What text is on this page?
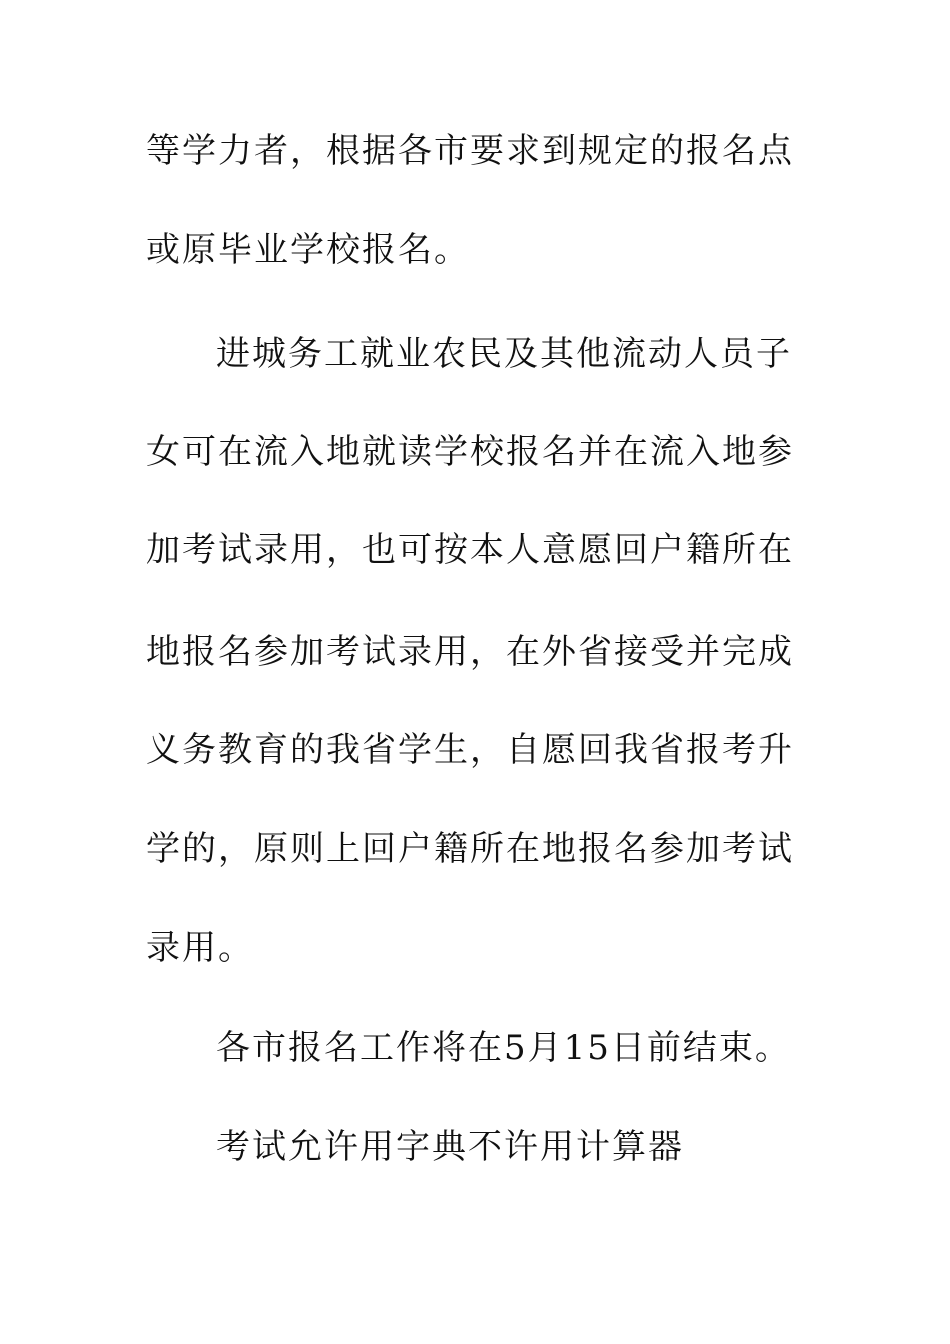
等学力者，根据各市要求到规定的报名点
或原毕业学校报名。
进城务工就业农民及其他流动人员子
女可在流入地就读学校报名并在流入地参
加考试录用，也可按本人意愿回户籍所在
地报名参加考试录用，在外省接受并完成
义务教育的我省学生，自愿回我省报考升
学的，原则上回户籍所在地报名参加考试
录用。
各市报名工作将在5月15日前结束。
考试允许用字典不许用计算器
